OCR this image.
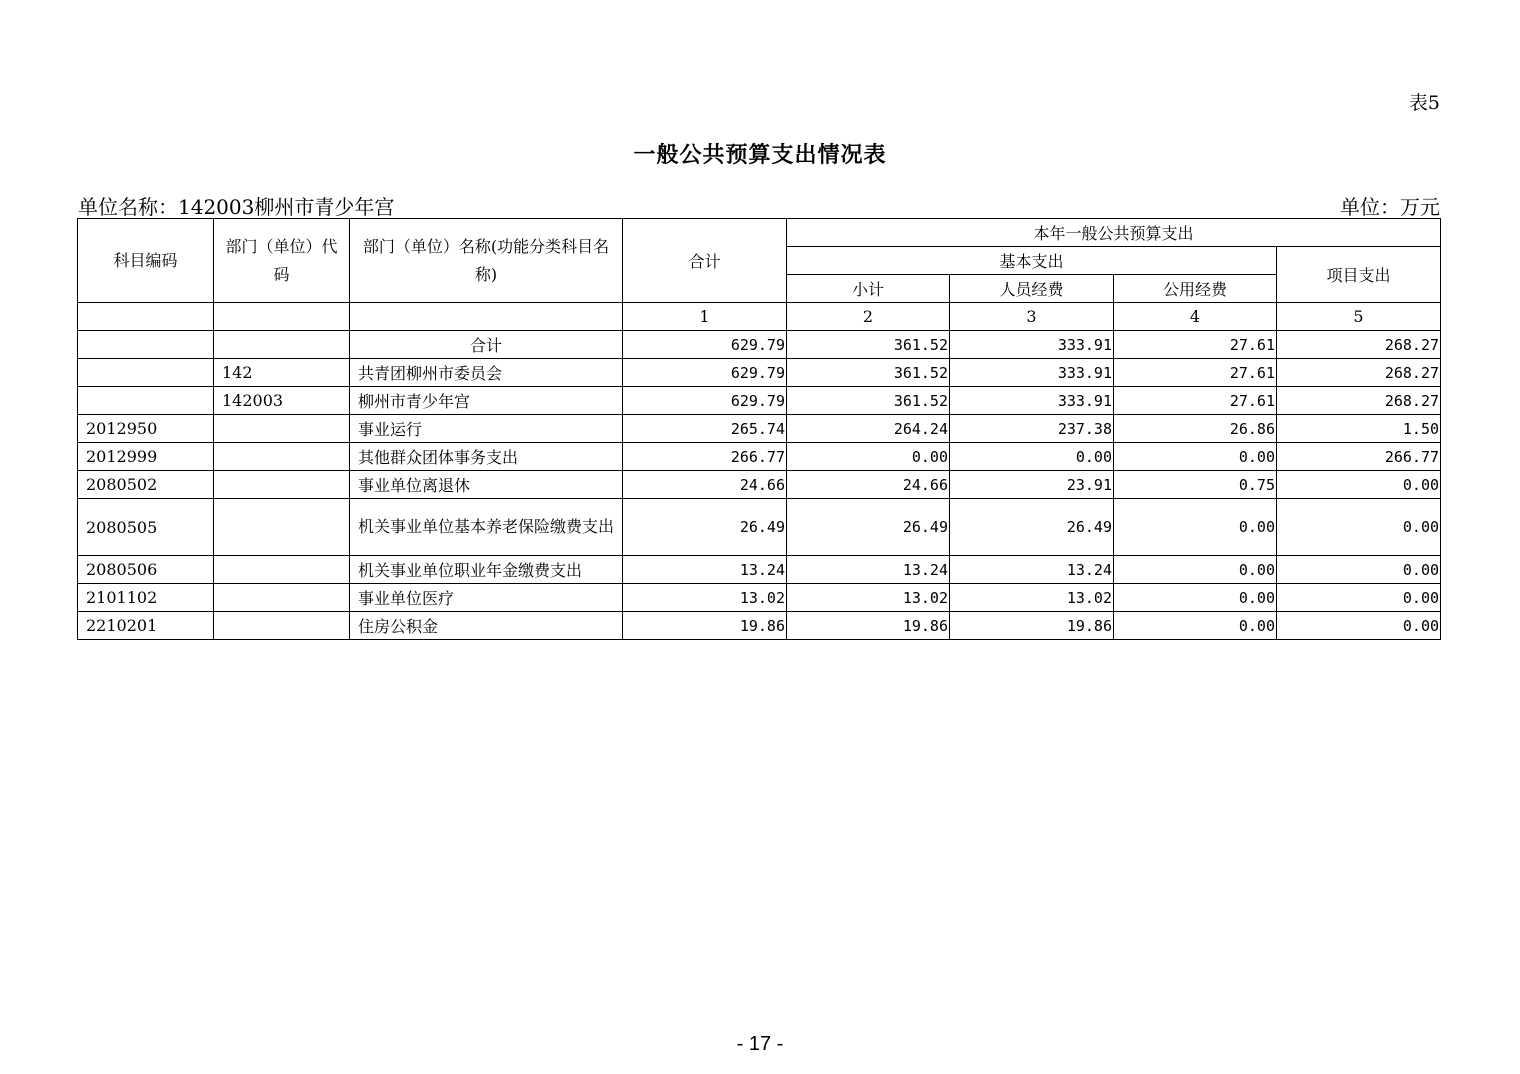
表5
一般公共预算支出情况表
单位名称：142003柳州市青少年宫	单位：万元
科目编码	部门（单位）代码	部门（单位）名称(功能分类科目名称)	合计	本年一般公共预算支出			
				基本支出			项目支出
				小计	人员经费	公用经费	
			1	2	3	4	5
		合计	629.79	361.52	333.91	27.61	268.27
	142	共青团柳州市委员会	629.79	361.52	333.91	27.61	268.27
	142003	柳州市青少年宫	629.79	361.52	333.91	27.61	268.27
2012950		事业运行	265.74	264.24	237.38	26.86	1.50
2012999		其他群众团体事务支出	266.77	0.00	0.00	0.00	266.77
2080502		事业单位离退休	24.66	24.66	23.91	0.75	0.00
2080505		机关事业单位基本养老保险缴费支出	26.49	26.49	26.49	0.00	0.00
2080506		机关事业单位职业年金缴费支出	13.24	13.24	13.24	0.00	0.00
2101102		事业单位医疗	13.02	13.02	13.02	0.00	0.00
2210201		住房公积金	19.86	19.86	19.86	0.00	0.00
- 17 -
